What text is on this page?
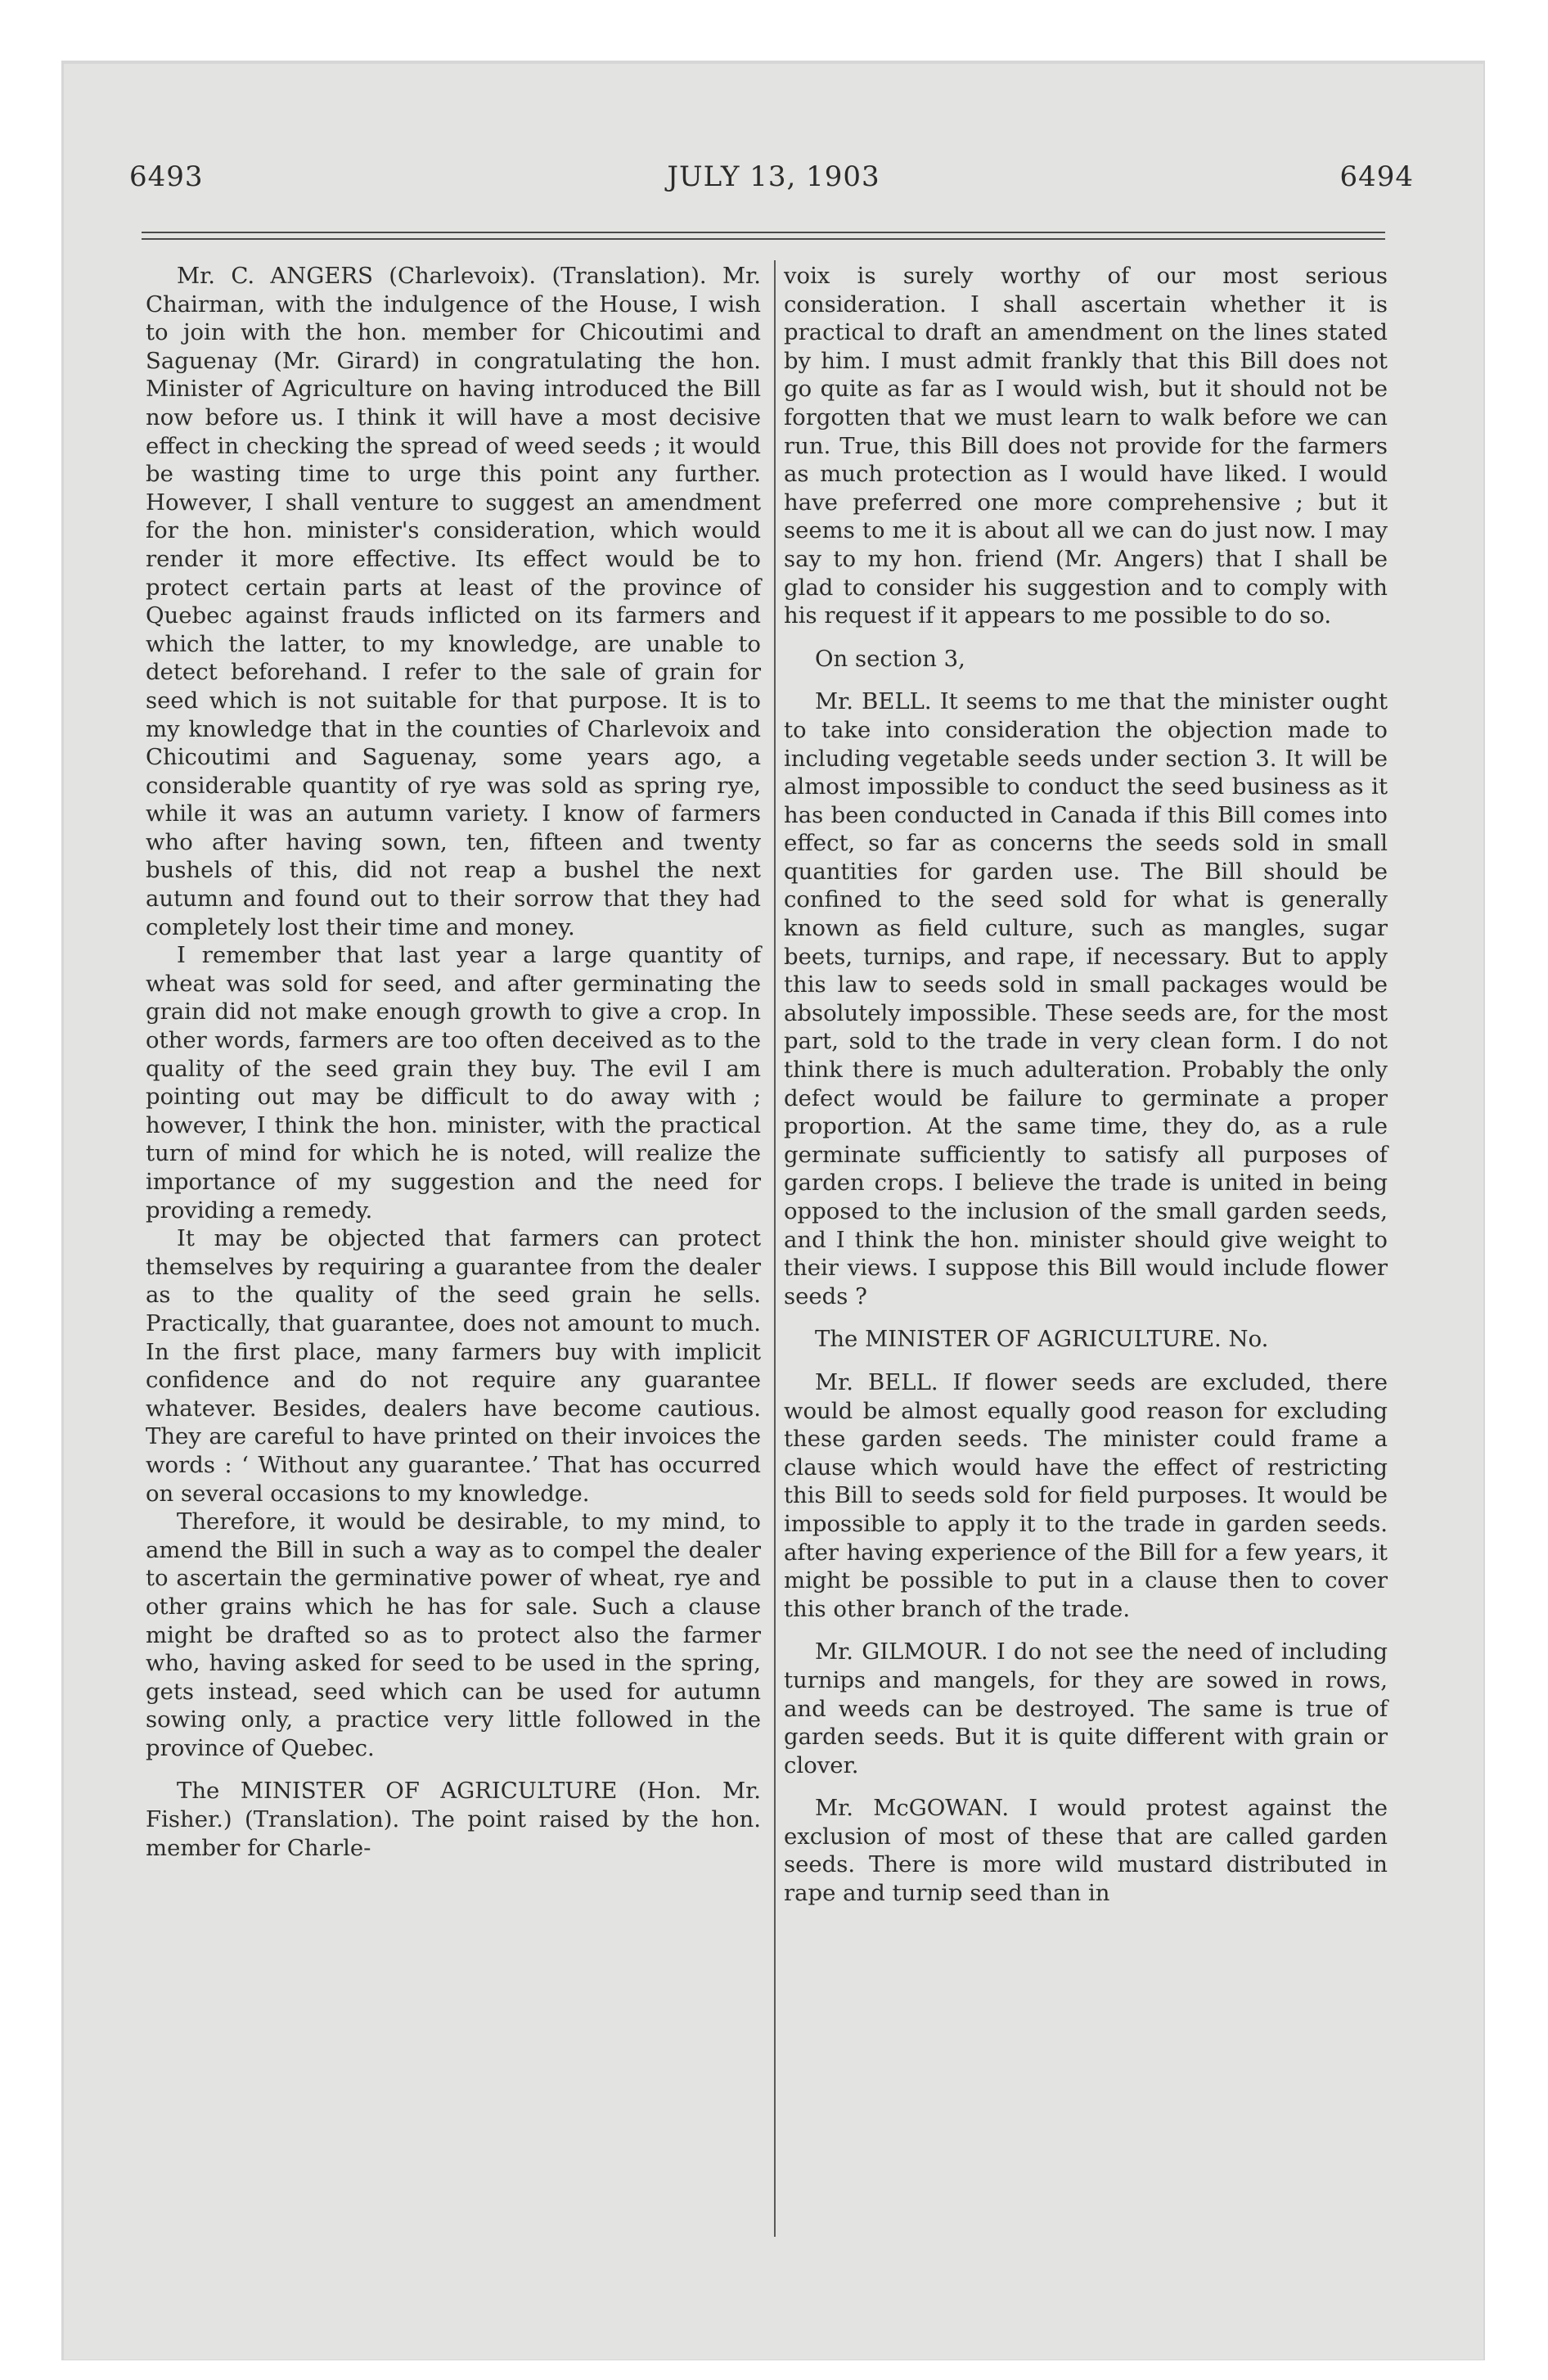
6493	JULY 13, 1903	6494

Mr. C. ANGERS (Charlevoix). (Translation). Mr. Chairman, with the indulgence of the House, I wish to join with the hon. member for Chicoutimi and Saguenay (Mr. Girard) in congratulating the hon. Minister of Agriculture on having introduced the Bill now before us. I think it will have a most decisive effect in checking the spread of weed seeds ; it would be wasting time to urge this point any further. However, I shall venture to suggest an amendment for the hon. minister's consideration, which would render it more effective. Its effect would be to protect certain parts at least of the province of Quebec against frauds inflicted on its farmers and which the latter, to my knowledge, are unable to detect beforehand. I refer to the sale of grain for seed which is not suitable for that purpose. It is to my knowledge that in the counties of Charlevoix and Chicoutimi and Saguenay, some years ago, a considerable quantity of rye was sold as spring rye, while it was an autumn variety. I know of farmers who after having sown, ten, fifteen and twenty bushels of this, did not reap a bushel the next autumn and found out to their sorrow that they had completely lost their time and money.

I remember that last year a large quantity of wheat was sold for seed, and after germinating the grain did not make enough growth to give a crop. In other words, farmers are too often deceived as to the quality of the seed grain they buy. The evil I am pointing out may be difficult to do away with ; however, I think the hon. minister, with the practical turn of mind for which he is noted, will realize the importance of my suggestion and the need for providing a remedy.

It may be objected that farmers can protect themselves by requiring a guarantee from the dealer as to the quality of the seed grain he sells. Practically, that guarantee, does not amount to much. In the first place, many farmers buy with implicit confidence and do not require any guarantee whatever. Besides, dealers have become cautious. They are careful to have printed on their invoices the words : ‘ Without any guarantee.’ That has occurred on several occasions to my knowledge.

Therefore, it would be desirable, to my mind, to amend the Bill in such a way as to compel the dealer to ascertain the germinative power of wheat, rye and other grains which he has for sale. Such a clause might be drafted so as to protect also the farmer who, having asked for seed to be used in the spring, gets instead, seed which can be used for autumn sowing only, a practice very little followed in the province of Quebec.

The MINISTER OF AGRICULTURE (Hon. Mr. Fisher.) (Translation). The point raised by the hon. member for Charle-

voix is surely worthy of our most serious consideration. I shall ascertain whether it is practical to draft an amendment on the lines stated by him. I must admit frankly that this Bill does not go quite as far as I would wish, but it should not be forgotten that we must learn to walk before we can run. True, this Bill does not provide for the farmers as much protection as I would have liked. I would have preferred one more comprehensive ; but it seems to me it is about all we can do just now. I may say to my hon. friend (Mr. Angers) that I shall be glad to consider his suggestion and to comply with his request if it appears to me possible to do so.

On section 3,

Mr. BELL. It seems to me that the minister ought to take into consideration the objection made to including vegetable seeds under section 3. It will be almost impossible to conduct the seed business as it has been conducted in Canada if this Bill comes into effect, so far as concerns the seeds sold in small quantities for garden use. The Bill should be confined to the seed sold for what is generally known as field culture, such as mangles, sugar beets, turnips, and rape, if necessary. But to apply this law to seeds sold in small packages would be absolutely impossible. These seeds are, for the most part, sold to the trade in very clean form. I do not think there is much adulteration. Probably the only defect would be failure to germinate a proper proportion. At the same time, they do, as a rule germinate sufficiently to satisfy all purposes of garden crops. I believe the trade is united in being opposed to the inclusion of the small garden seeds, and I think the hon. minister should give weight to their views. I suppose this Bill would include flower seeds ?

The MINISTER OF AGRICULTURE. No.

Mr. BELL. If flower seeds are excluded, there would be almost equally good reason for excluding these garden seeds. The minister could frame a clause which would have the effect of restricting this Bill to seeds sold for field purposes. It would be impossible to apply it to the trade in garden seeds. after having experience of the Bill for a few years, it might be possible to put in a clause then to cover this other branch of the trade.

Mr. GILMOUR. I do not see the need of including turnips and mangels, for they are sowed in rows, and weeds can be destroyed. The same is true of garden seeds. But it is quite different with grain or clover.

Mr. McGOWAN. I would protest against the exclusion of most of these that are called garden seeds. There is more wild mustard distributed in rape and turnip seed than in
